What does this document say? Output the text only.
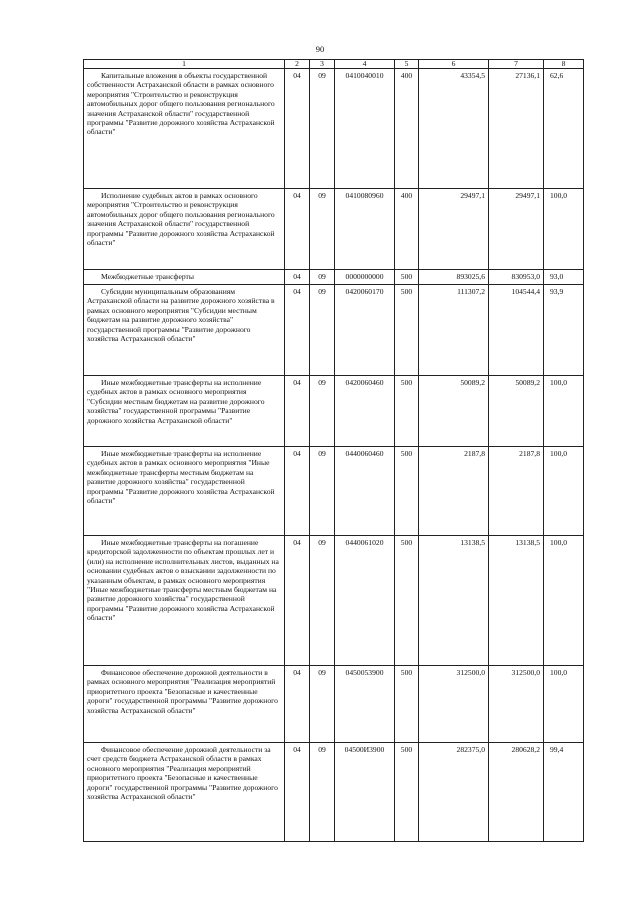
90
1	2	3	4	5	6	7	8

Капитальные вложения в объекты государственной собственности Астраханской области в рамках основного мероприятия "Строительство и реконструкция автомобильных дорог общего пользования регионального значения Астраханской области" государственной программы "Развитие дорожного хозяйства Астраханской области"	04	09	0410040010	400	43354,5	27136,1	62,6

Исполнение судебных актов в рамках основного мероприятия "Строительство и реконструкция автомобильных дорог общего пользования регионального значения Астраханской области" государственной программы "Развитие дорожного хозяйства Астраханской области"	04	09	0410080960	400	29497,1	29497,1	100,0

Межбюджетные трансферты	04	09	0000000000	500	893025,6	830953,0	93,0

Субсидии муниципальным образованиям Астраханской области на развитие дорожного хозяйства в рамках основного мероприятия "Субсидии местным бюджетам на развитие дорожного хозяйства" государственной программы "Развитие дорожного хозяйства Астраханской области"	04	09	0420060170	500	111307,2	104544,4	93,9

Иные межбюджетные трансферты на исполнение судебных актов в рамках основного мероприятия "Субсидии местным бюджетам на развитие дорожного хозяйства" государственной программы "Развитие дорожного хозяйства Астраханской области"	04	09	0420060460	500	50089,2	50089,2	100,0

Иные межбюджетные трансферты на исполнение судебных актов в рамках основного мероприятия "Иные межбюджетные трансферты местным бюджетам на развитие дорожного хозяйства" государственной программы "Развитие дорожного хозяйства Астраханской области"	04	09	0440060460	500	2187,8	2187,8	100,0

Иные межбюджетные трансферты на погашение кредиторской задолженности по объектам прошлых лет и (или) на исполнение исполнительных листов, выданных на основании судебных актов о взыскании задолженности по указанным объектам, в рамках основного мероприятия "Иные межбюджетные трансферты местным бюджетам на развитие дорожного хозяйства" государственной программы "Развитие дорожного хозяйства Астраханской области"	04	09	0440061020	500	13138,5	13138,5	100,0

Финансовое обеспечение дорожной деятельности в рамках основного мероприятия "Реализация мероприятий приоритетного проекта "Безопасные и качественные дороги" государственной программы "Развитие дорожного хозяйства Астраханской области"	04	09	0450053900	500	312500,0	312500,0	100,0

Финансовое обеспечение дорожной деятельности за счет средств бюджета Астраханской области в рамках основного мероприятия "Реализация мероприятий приоритетного проекта "Безопасные и качественные дороги" государственной программы "Развитие дорожного хозяйства Астраханской области"	04	09	04500И3900	500	282375,0	280628,2	99,4
